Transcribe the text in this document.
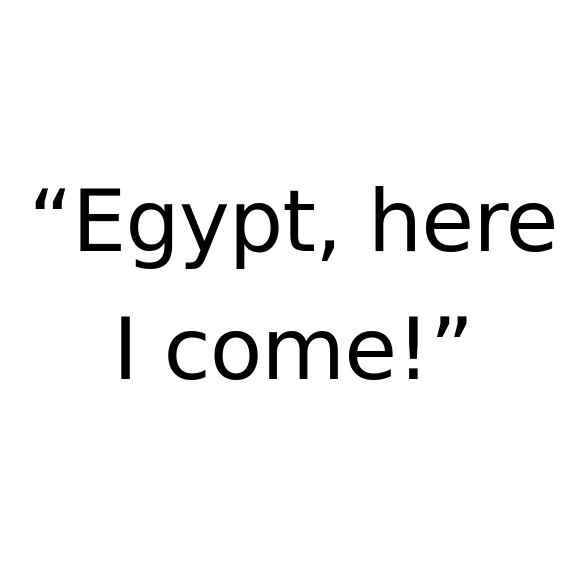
“Egypt, here
I come!”
